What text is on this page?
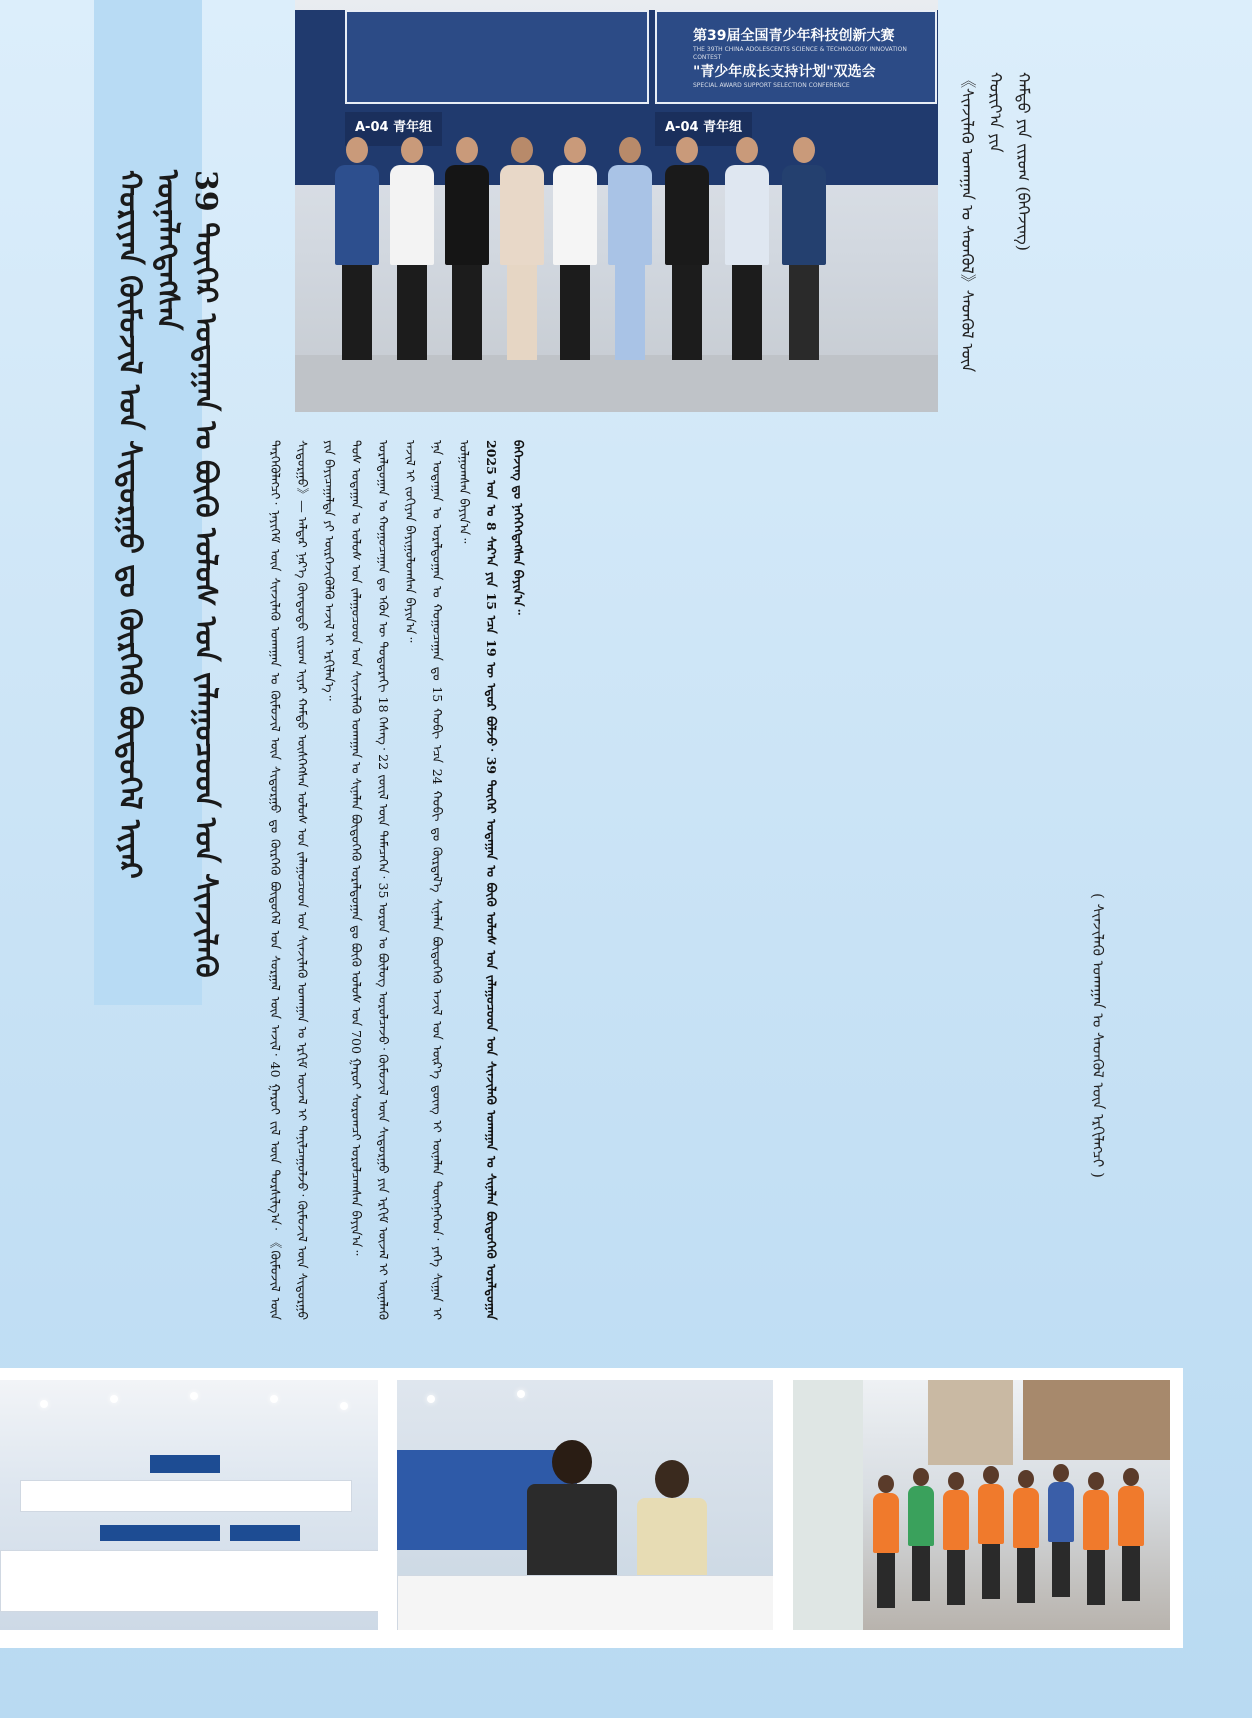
ᠬᠣᠷᠢᠶᠠᠨ ᠬᠦᠮᠦᠵᠢᠯ ᠤᠨ ᠰᠢᠳᠤᠷᠭᠤ ᠳᠤ ᠬᠦᠷᠭᠡᠬᠦ ᠪᠥᠲᠦᠭᠡᠯ ᠢᠶᠡᠷ ᠦᠨᠡᠯᠡᠭᠳᠡᠭᠰᠡᠨ 39 ᠳᠦᠭᠡᠷ ᠤᠳᠠᠭᠠᠨ ᠤ ᠪᠦᠬᠦ ᠤᠯᠤᠰ ᠤᠨ ᠵᠠᠯᠠᠭᠤᠴᠤᠳ ᠤᠨ ᠰᠢᠨᠵᠢᠯᠡᠬᠦ
第39届全国青少年科技创新大赛
THE 39TH CHINA ADOLESCENTS SCIENCE & TECHNOLOGY INNOVATION CONTEST
"青少年成长支持计划"双选会
SPECIAL AWARD SUPPORT SELECTION CONFERENCE
A-04 青年组	A-04 青年组	《ᠰᠢᠨᠵᠢᠯᠡᠬᠦ ᠤᠬᠠᠭᠠᠨ ᠤ ᠰᠡᠳᠬᠦᠯ》ᠰᠡᠳᠬᠦᠯ ᠦᠨ ᠬᠣᠷᠢᠶ᠎ᠠ ᠶᠢᠨ ᠬᠠᠮᠲᠤ ᠶᠢᠨ ᠵᠢᠷᠤᠭ (ᠪᠡᠬᠡᠵᠢᠩ)
( ᠰᠢᠨᠵᠢᠯᠡᠬᠦ ᠤᠬᠠᠭᠠᠨ ᠤ ᠰᠡᠳᠬᠦᠯ ᠦᠨ ᠡᠷᠬᠢᠯᠡᠭᠴᠢ )

ᠲᠡᠷᠭᠡᠭᠦᠯᠡᠭᠴᠢ᠂ ᠨᠡᠶᠢᠭᠡᠮ ᠦᠨ ᠰᠢᠨᠵᠢᠯᠡᠬᠦ ᠤᠬᠠᠭᠠᠨ ᠤ ᠬᠦᠮᠦᠵᠢᠯ ᠦᠨ ᠰᠢᠳᠤᠷᠭᠤ ᠳᠤ ᠬᠦᠷᠭᠡᠬᠦ ᠪᠥᠲᠦᠭᠡᠯ ᠤᠨ ᠰᠤᠷᠭᠠᠯ ᠦᠨ ᠠᠵᠢᠯ᠂ 40 ᠭᠠᠷᠤᠢ ᠵᠢᠯ ᠦᠨ ᠲᠤᠷᠱᠢᠯᠭ᠎ᠠ᠂ 《ᠬᠦᠮᠦᠵᠢᠯ ᠦᠨ ᠰᠢᠳᠤᠷᠭᠤ》— ᠠᠯᠳᠠᠷ ᠨᠡᠷ᠎ᠡ ᠬᠦᠨᠳᠦᠳᠦ ᠵᠢᠷᠤᠭ ᠢᠶᠠᠷ ᠬᠠᠮᠲᠤ ᠥᠰᠭᠡᠭᠰᠡᠨ ᠤᠯᠤᠰ ᠤᠨ ᠵᠠᠯᠠᠭᠤᠴᠤᠳ ᠤᠨ ᠰᠢᠨᠵᠢᠯᠡᠬᠦ ᠤᠬᠠᠭᠠᠨ ᠤ ᠡᠷᠬᠢᠮ ᠦᠵᠡᠯ ᠢ ᠲᠠᠨᠢᠯᠴᠠᠭᠤᠯᠵᠤ᠂ ᠬᠦᠮᠦᠵᠢᠯ ᠦᠨ ᠰᠢᠳᠤᠷᠭᠤ ᠶᠢᠨ ᠪᠠᠶᠢᠴᠠᠭᠠᠯᠲᠠ ᠶᠢ ᠥᠷᠭᠡᠵᠢᠭᠦᠯᠬᠦ ᠠᠵᠢᠯ ᠢ ᠡᠷᠬᠢᠯᠡᠨ᠎ᠡ᠃ ᠲᠤᠰ ᠤᠳᠠᠭᠠᠨ ᠤ ᠤᠯᠤᠰ ᠤᠨ ᠵᠠᠯᠠᠭᠤᠴᠤᠳ ᠤᠨ ᠰᠢᠨᠵᠢᠯᠡᠬᠦ ᠤᠬᠠᠭᠠᠨ ᠤ ᠰᠢᠨᠡᠯᠡᠨ ᠪᠦᠲᠦᠭᠡᠬᠦ ᠤᠷᠠᠯᠳᠤᠭᠠᠨ ᠳᠤ ᠪᠦᠬᠦ ᠤᠯᠤᠰ ᠤᠨ 700 ᠭᠠᠷᠤᠢ ᠰᠤᠷᠤᠭᠴᠢ ᠣᠷᠣᠯᠴᠠᠭᠰᠠᠨ ᠪᠠᠶᠢᠨ᠎ᠠ᠃ ᠤᠷᠠᠯᠳᠤᠭᠠᠨ ᠤ ᠬᠤᠭᠤᠴᠠᠭᠠᠨ ᠳᠤ ᠡᠭᠦᠨ ᠦ ᠳᠣᠲᠣᠷᠠᠬᠢ 18 ᠬᠡᠰᠡᠭ᠂ 22 ᠵᠦᠢᠯ ᠦᠨ ᠲᠡᠮᠡᠴᠡᠭᠡᠨ᠂ 35 ᠣᠷᠣᠨ ᠤ ᠪᠦᠯᠦᠭ ᠣᠷᠣᠯᠴᠠᠵᠤ᠂ ᠬᠦᠮᠦᠵᠢᠯ ᠦᠨ ᠰᠢᠳᠤᠷᠭᠤ ᠶᠢᠨ ᠡᠷᠬᠢᠮ ᠦᠵᠡᠯ ᠢ ᠦᠨᠡᠯᠡᠬᠦ ᠠᠵᠢᠯ ᠢ ᠵᠣᠬᠢᠶᠠᠨ ᠪᠠᠶᠢᠭᠤᠯᠤᠭᠰᠠᠨ ᠪᠠᠶᠢᠨ᠎ᠠ᠃ ᠡᠨᠡ ᠤᠳᠠᠭᠠᠨ ᠤ ᠤᠷᠠᠯᠳᠤᠭᠠᠨ ᠤ ᠬᠤᠭᠤᠴᠠᠭᠠᠨ ᠳᠤ 15 ᠬᠤᠪᠢ ᠡᠴᠡ 24 ᠬᠤᠪᠢ ᠳᠤ ᠬᠦᠷᠲᠡᠯ᠎ᠡ ᠰᠢᠨᠡᠯᠡᠨ ᠪᠦᠲᠦᠭᠡᠬᠦ ᠠᠵᠢᠯ ᠤᠨ ᠦᠷ᠎ᠡ ᠳ᠋ᠦᠩ ᠢ ᠦᠨᠡᠯᠡᠨ ᠳᠦᠩᠨᠡᠭᠡᠳ᠂ ᠶᠡᠬᠡ ᠰᠢᠭᠠᠨ ᠢ ᠣᠯᠭᠤᠭᠰᠠᠨ ᠪᠠᠶᠢᠨ᠎ᠠ᠃ 2025 ᠣᠨ ᠤ 8 ᠰᠠᠷ᠎ᠠ ᠶᠢᠨ 15 ᠡᠴᠡ 19 ᠦ ᠡᠳᠦᠷ ᠪᠣᠯᠵᠤ᠂ 39 ᠳᠦᠭᠡᠷ ᠤᠳᠠᠭᠠᠨ ᠤ ᠪᠦᠬᠦ ᠤᠯᠤᠰ ᠤᠨ ᠵᠠᠯᠠᠭᠤᠴᠤᠳ ᠤᠨ ᠰᠢᠨᠵᠢᠯᠡᠬᠦ ᠤᠬᠠᠭᠠᠨ ᠤ ᠰᠢᠨᠡᠯᠡᠨ ᠪᠦᠲᠦᠭᠡᠬᠦ ᠤᠷᠠᠯᠳᠤᠭᠠᠨ ᠪᠡᠬᠡᠵᠢᠩ ᠳᠤ ᠨᠡᠭᠡᠭᠡᠭᠳᠡᠭᠰᠡᠨ ᠪᠠᠶᠢᠨ᠎ᠠ᠃
